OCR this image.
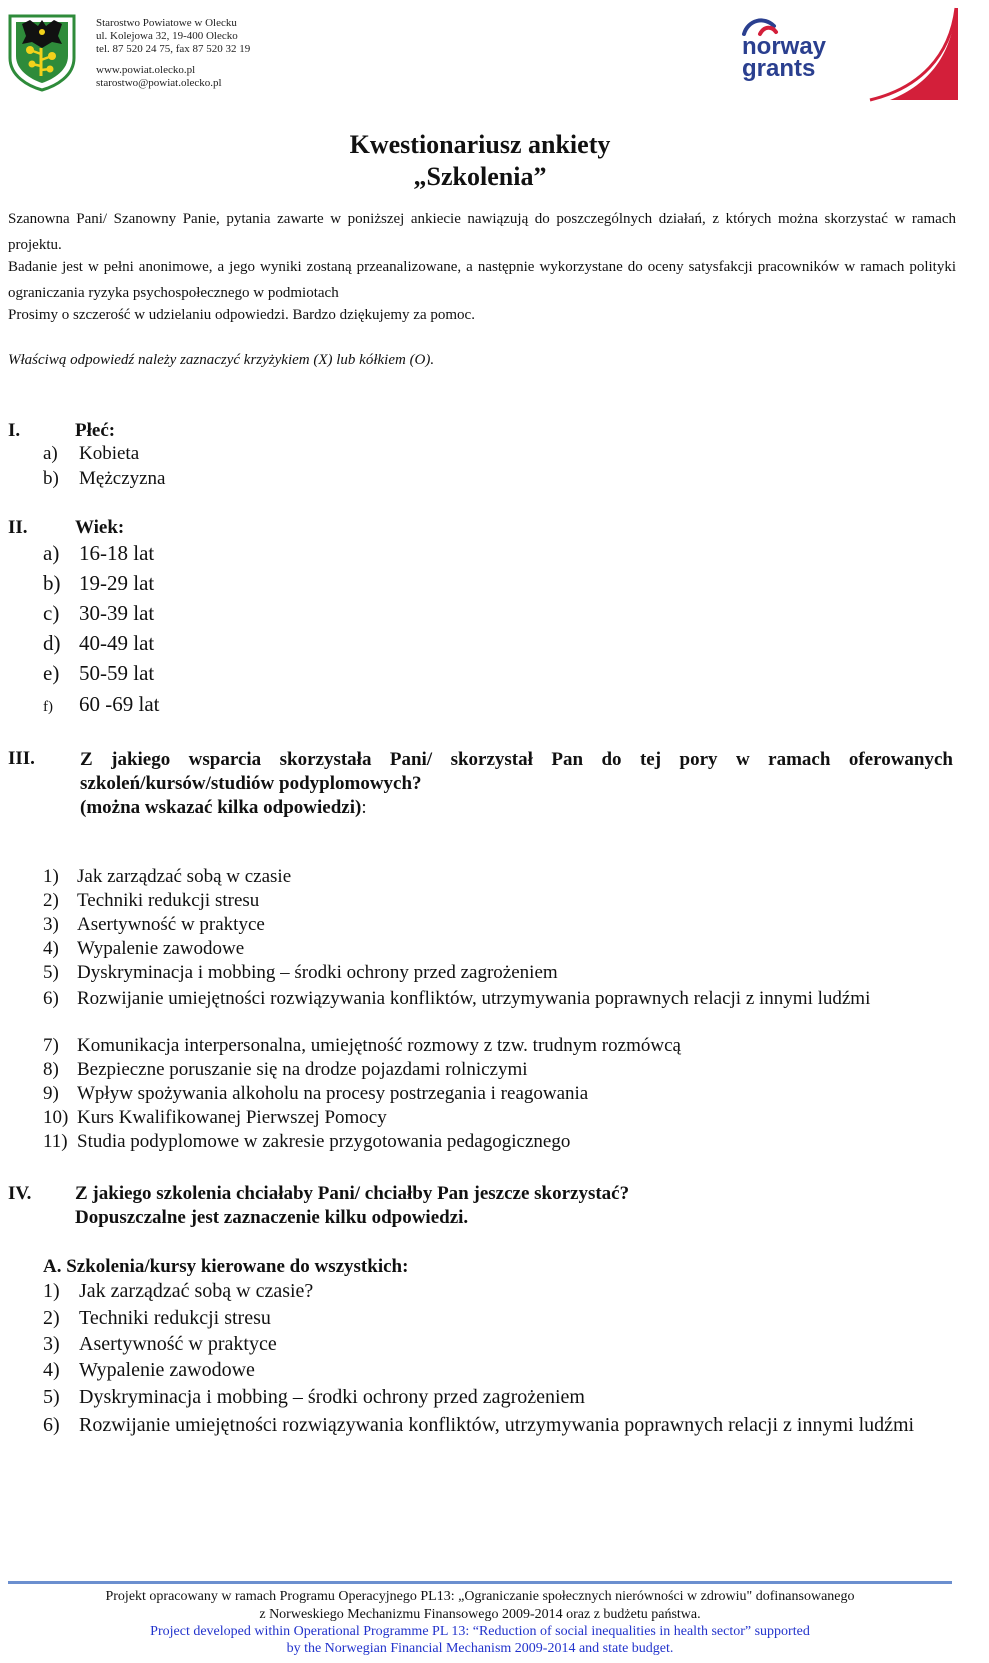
Starostwo Powiatowe w Olecku
ul. Kolejowa 32, 19-400 Olecko
tel. 87 520 24 75, fax 87 520 32 19
www.powiat.olecko.pl
starostwo@powiat.olecko.pl
norway
grants
Kwestionariusz ankiety
„Szkolenia”
Szanowna Pani/ Szanowny Panie, pytania zawarte w poniższej ankiecie nawiązują do poszczególnych działań, z których można skorzystać w ramach projektu.
Badanie jest w pełni anonimowe, a jego wyniki zostaną przeanalizowane, a następnie wykorzystane do oceny satysfakcji pracowników w ramach polityki ograniczania ryzyka psychospołecznego w podmiotach
Prosimy o szczerość w udzielaniu odpowiedzi. Bardzo dziękujemy za pomoc.
Właściwą odpowiedź należy zaznaczyć krzyżykiem (X) lub kółkiem (O).
I.	Płeć:
a) Kobieta
b) Mężczyzna
II. Wiek:
a) 16-18 lat
b) 19-29 lat
c) 30-39 lat
d) 40-49 lat
e) 50-59 lat
f) 60 -69 lat
III. Z jakiego wsparcia skorzystała Pani/ skorzystał Pan do tej pory w ramach oferowanych szkoleń/kursów/studiów podyplomowych?
(można wskazać kilka odpowiedzi):
1) Jak zarządzać sobą w czasie
2) Techniki redukcji stresu
3) Asertywność w praktyce
4) Wypalenie zawodowe
5) Dyskryminacja i mobbing – środki ochrony przed zagrożeniem
6) Rozwijanie umiejętności rozwiązywania konfliktów, utrzymywania poprawnych relacji z innymi ludźmi
7) Komunikacja interpersonalna, umiejętność rozmowy z tzw. trudnym rozmówcą
8) Bezpieczne poruszanie się na drodze pojazdami rolniczymi
9) Wpływ spożywania alkoholu na procesy postrzegania i reagowania
10) Kurs Kwalifikowanej Pierwszej Pomocy
11) Studia podyplomowe w zakresie przygotowania pedagogicznego
IV. Z jakiego szkolenia chciałaby Pani/ chciałby Pan jeszcze skorzystać?
Dopuszczalne jest zaznaczenie kilku odpowiedzi.
A. Szkolenia/kursy kierowane do wszystkich:
1) Jak zarządzać sobą w czasie?
2) Techniki redukcji stresu
3) Asertywność w praktyce
4) Wypalenie zawodowe
5) Dyskryminacja i mobbing – środki ochrony przed zagrożeniem
6) Rozwijanie umiejętności rozwiązywania konfliktów, utrzymywania poprawnych relacji z innymi ludźmi
Projekt opracowany w ramach Programu Operacyjnego PL13: „Ograniczanie społecznych nierówności w zdrowiu" dofinansowanego
z Norweskiego Mechanizmu Finansowego 2009-2014 oraz z budżetu państwa.
Project developed within Operational Programme PL 13: “Reduction of social inequalities in health sector” supported
by the Norwegian Financial Mechanism 2009-2014 and state budget.
